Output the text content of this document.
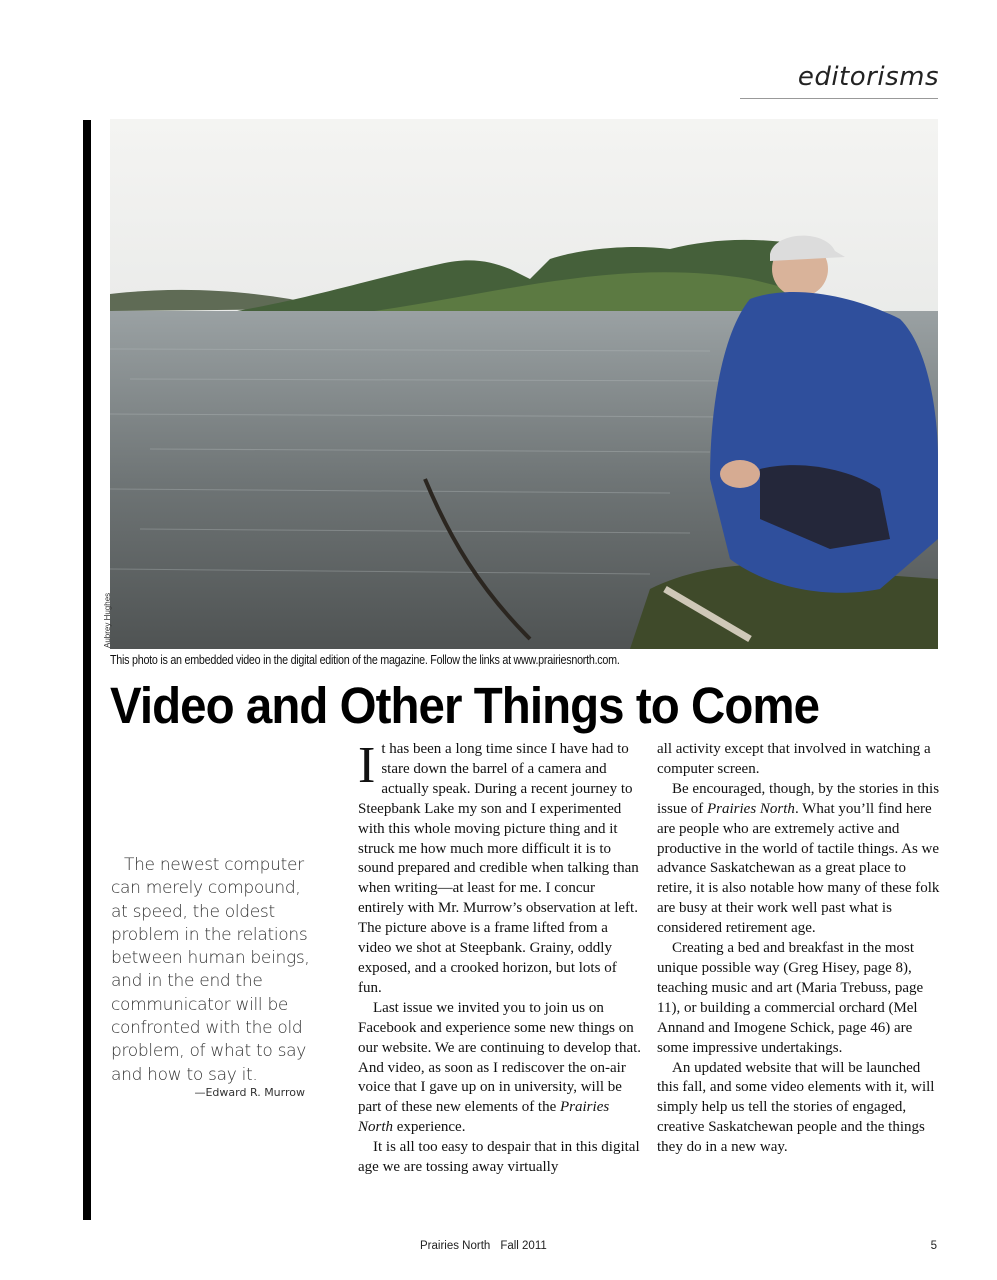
editorisms
Aubrey Hughes
This photo is an embedded video in the digital edition of the magazine. Follow the links at www.prairiesnorth.com.
Video and Other Things to Come
The newest computer can merely compound, at speed, the oldest problem in the relations between human beings, and in the end the communicator will be confronted with the old problem, of what to say and how to say it.
—Edward R. Murrow

It has been a long time since I have had to stare down the barrel of a camera and actually speak. During a recent journey to Steepbank Lake my son and I experimented with this whole moving picture thing and it struck me how much more difficult it is to sound prepared and credible when talking than when writing—at least for me. I concur entirely with Mr. Murrow’s observation at left. The picture above is a frame lifted from a video we shot at Steepbank. Grainy, oddly exposed, and a crooked horizon, but lots of fun.

Last issue we invited you to join us on Facebook and experience some new things on our website. We are continuing to develop that. And video, as soon as I rediscover the on-air voice that I gave up on in university, will be part of these new elements of the Prairies North experience.

It is all too easy to despair that in this digital age we are tossing away virtually

all activity except that involved in watching a computer screen.

Be encouraged, though, by the stories in this issue of Prairies North. What you’ll find here are people who are extremely active and productive in the world of tactile things. As we advance Saskatchewan as a great place to retire, it is also notable how many of these folk are busy at their work well past what is considered retirement age.

Creating a bed and breakfast in the most unique possible way (Greg Hisey, page 8), teaching music and art (Maria Trebuss, page 11), or building a commercial orchard (Mel Annand and Imogene Schick, page 46) are some impressive undertakings.

An updated website that will be launched this fall, and some video elements with it, will simply help us tell the stories of engaged, creative Saskatchewan people and the things they do in a new way.

Prairies North Fall 2011	5
